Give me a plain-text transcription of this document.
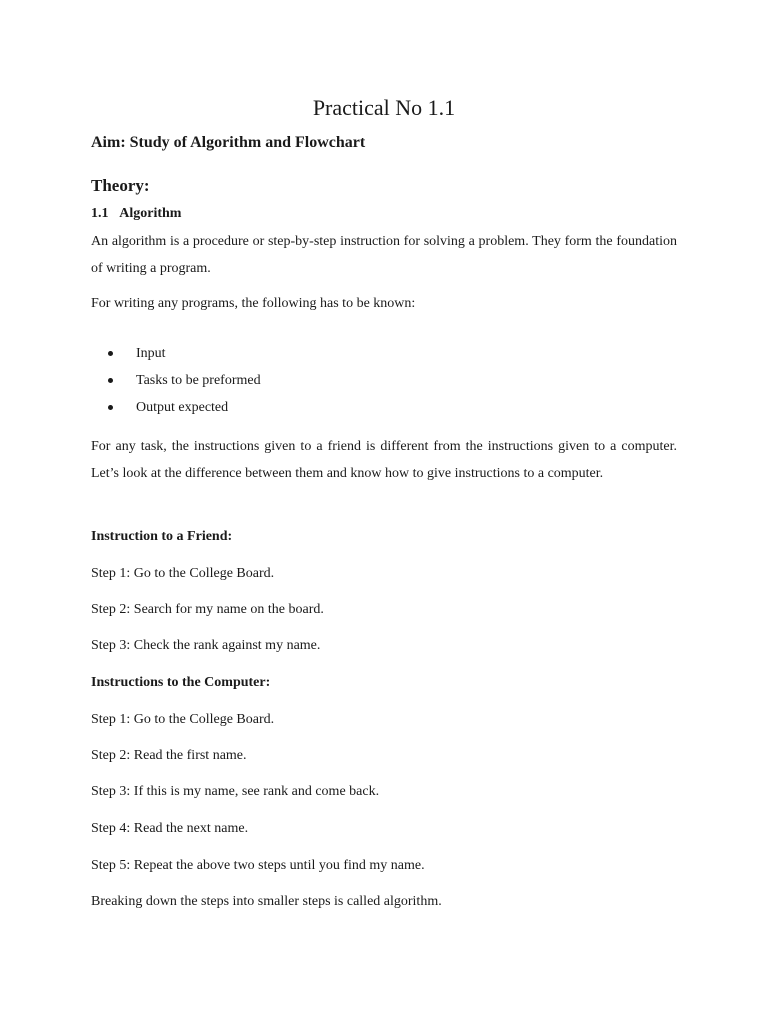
Practical No 1.1

Aim: Study of Algorithm and Flowchart

Theory:

1.1 Algorithm

An algorithm is a procedure or step-by-step instruction for solving a problem. They form the foundation of writing a program.

For writing any programs, the following has to be known:

Input
Tasks to be preformed
Output expected

For any task, the instructions given to a friend is different from the instructions given to a computer. Let’s look at the difference between them and know how to give instructions to a computer.

Instruction to a Friend:

Step 1: Go to the College Board.

Step 2: Search for my name on the board.

Step 3: Check the rank against my name.

Instructions to the Computer:

Step 1: Go to the College Board.

Step 2: Read the first name.

Step 3: If this is my name, see rank and come back.

Step 4: Read the next name.

Step 5: Repeat the above two steps until you find my name.

Breaking down the steps into smaller steps is called algorithm.
